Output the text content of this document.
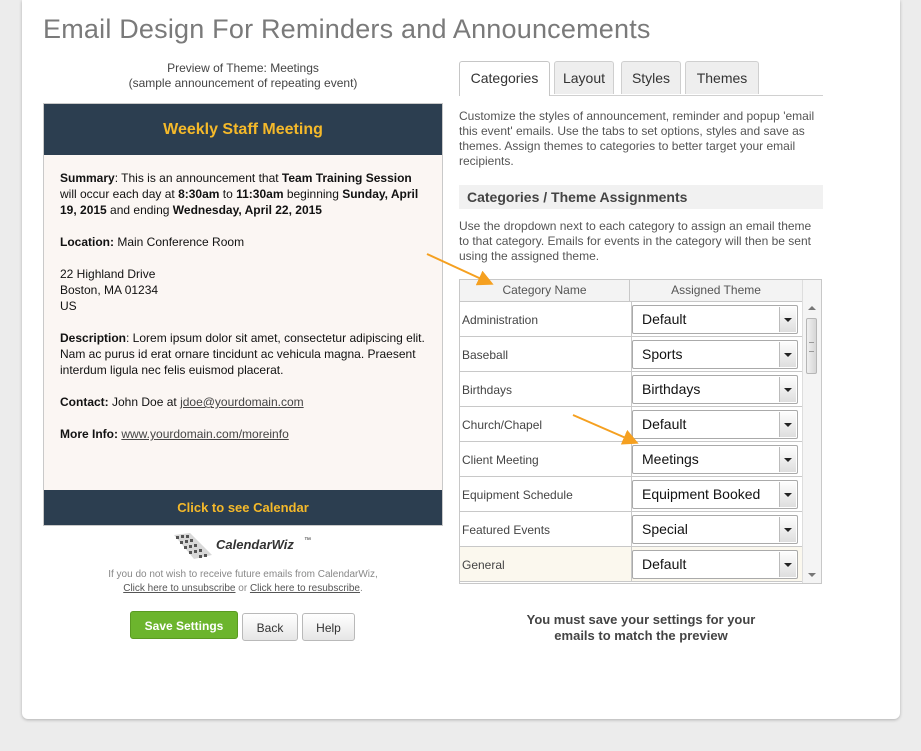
Email Design For Reminders and Announcements
Preview of Theme: Meetings
(sample announcement of repeating event)
Weekly Staff Meeting

Summary: This is an announcement that Team Training Session will occur each day at 8:30am to 11:30am beginning Sunday, April 19, 2015 and ending Wednesday, April 22, 2015

Location: Main Conference Room

22 Highland Drive
Boston, MA 01234
US

Description: Lorem ipsum dolor sit amet, consectetur adipiscing elit. Nam ac purus id erat ornare tincidunt ac vehicula magna. Praesent interdum ligula nec felis euismod placerat.

Contact: John Doe at jdoe@yourdomain.com

More Info: www.yourdomain.com/moreinfo

Click to see Calendar
CalendarWiz ™
If you do not wish to receive future emails from CalendarWiz,
Click here to unsubscribe or Click here to resubscribe.
Save Settings	Back	Help
Categories	Layout	Styles	Themes
Customize the styles of announcement, reminder and popup 'email this event' emails. Use the tabs to set options, styles and save as themes. Assign themes to categories to better target your email recipients.
Categories / Theme Assignments
Use the dropdown next to each category to assign an email theme to that category. Emails for events in the category will then be sent using the assigned theme.
Category Name	Assigned Theme
Administration	Default
Baseball	Sports
Birthdays	Birthdays
Church/Chapel	Default
Client Meeting	Meetings
Equipment Schedule	Equipment Booked
Featured Events	Special
General	Default
You must save your settings for your
emails to match the preview
